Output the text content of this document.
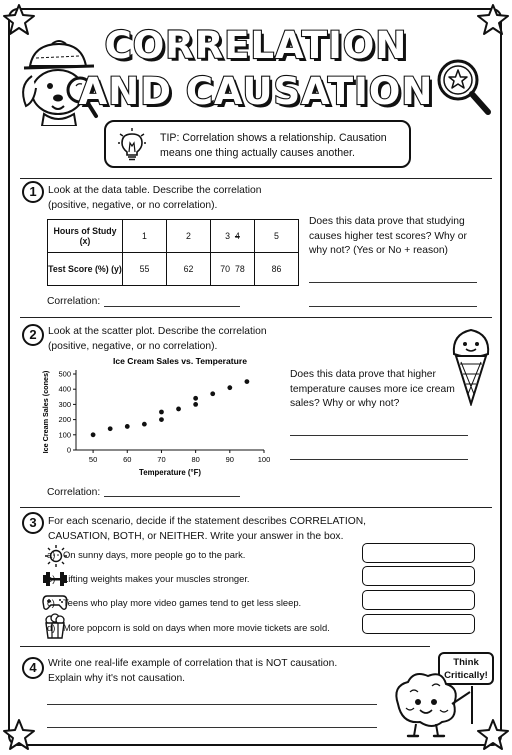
CORRELATION
AND CAUSATION
TIP: Correlation shows a relationship. Causation means one thing actually causes another.
1	Look at the data table. Describe the correlation (positive, negative, or no correlation).
Hours of Study (x)	1	2	3 4	5
Test Score (%) (y)	55	62	70 78	86
Does this data prove that studying causes higher test scores? Why or why not? (Yes or No + reason)
Correlation:
2	Look at the scatter plot. Describe the correlation (positive, negative, or no correlation).
Ice Cream Sales vs. Temperature
50	60	70	80	90	100
0
100
200
300
400
500
Temperature (°F)
Ice Cream Sales (cones)	Does this data prove that higher temperature causes more ice cream sales? Why or why not?
Correlation:
3	For each scenario, decide if the statement describes CORRELATION, CAUSATION, BOTH, or NEITHER. Write your answer in the box.
a) On sunny days, more people go to the park.
b) Lifting weights makes your muscles stronger.
c) Teens who play more video games tend to get less sleep.
d) More popcorn is sold on days when more movie tickets are sold.
4	Write one real-life example of correlation that is NOT causation. Explain why it's not causation.
Think Critically!
